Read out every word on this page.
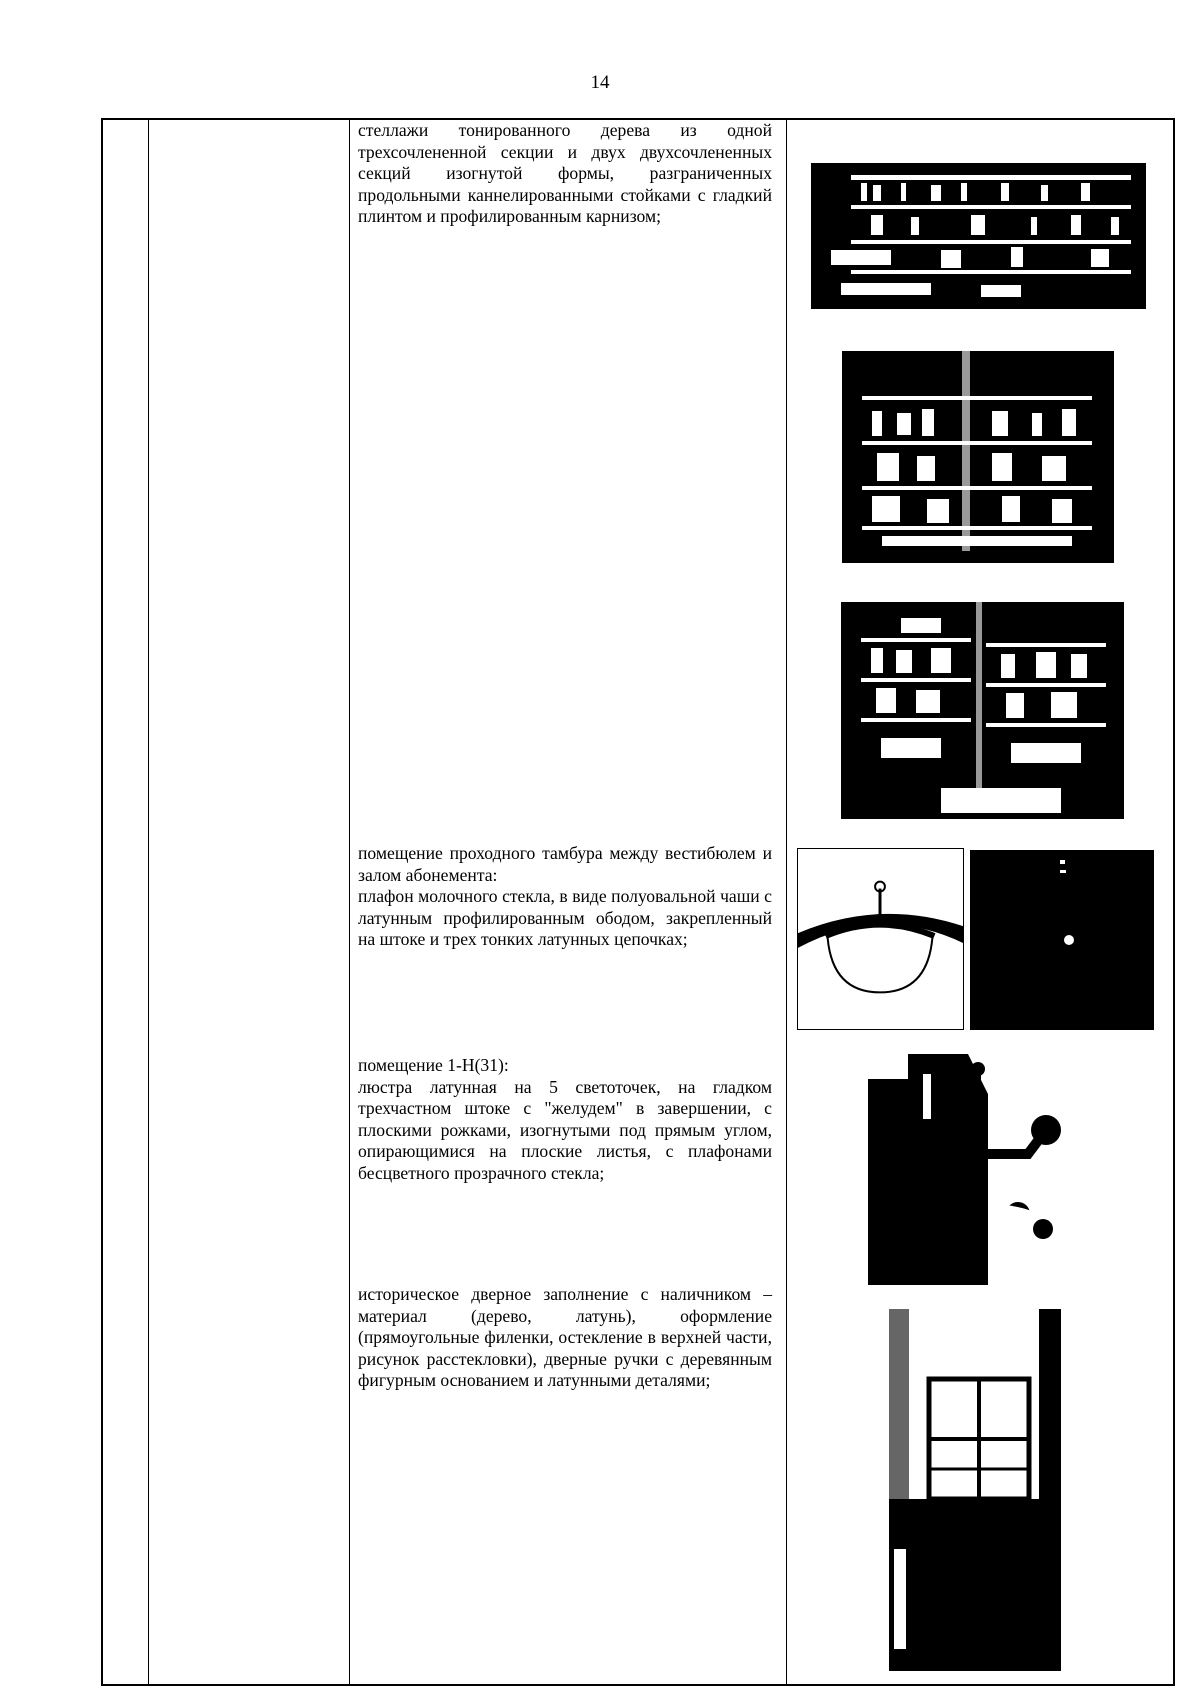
14

стеллажи тонированного дерева из одной трехсочлененной секции и двух двухсочлененных секций изогнутой формы, разграниченных продольными каннелированными стойками с гладкий плинтом и профилированным карнизом;

помещение проходного тамбура между вестибюлем и залом абонемента:

плафон молочного стекла, в виде полуовальной чаши с латунным профилированным ободом, закрепленный на штоке и трех тонких латунных цепочках;

помещение 1-Н(31):

люстра латунная на 5 светоточек, на гладком трехчастном штоке с "желудем" в завершении, с плоскими рожками, изогнутыми под прямым углом, опирающимися на плоские листья, с плафонами бесцветного прозрачного стекла;

историческое дверное заполнение с наличником – материал (дерево, латунь), оформление (прямоугольные филенки, остекление в верхней части, рисунок расстекловки), дверные ручки с деревянным фигурным основанием и латунными деталями;
